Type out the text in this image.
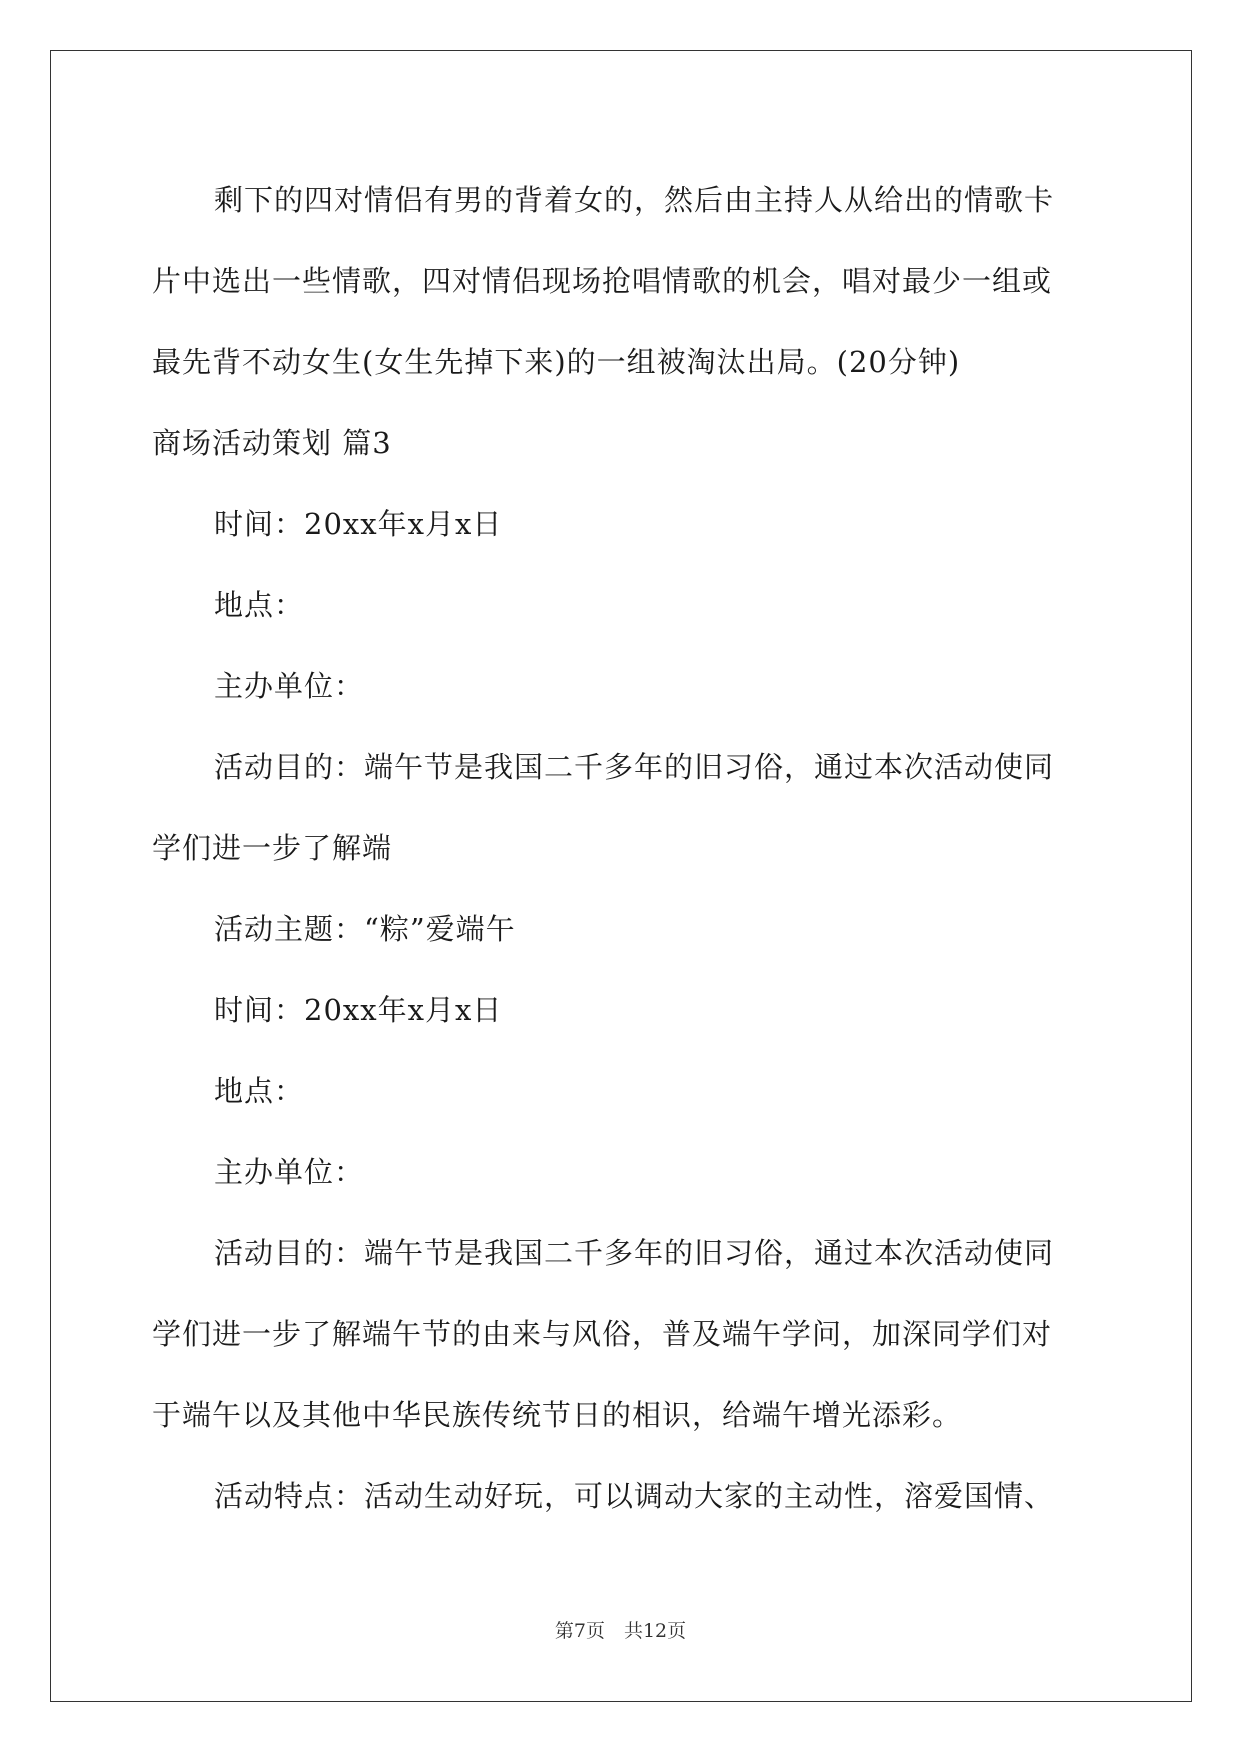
剩下的四对情侣有男的背着女的，然后由主持人从给出的情歌卡
片中选出一些情歌，四对情侣现场抢唱情歌的机会，唱对最少一组或
最先背不动女生(女生先掉下来)的一组被淘汰出局。(20分钟)
商场活动策划 篇3
时间：20xx年x月x日
地点：
主办单位：
活动目的：端午节是我国二千多年的旧习俗，通过本次活动使同
学们进一步了解端
活动主题：“粽”爱端午
时间：20xx年x月x日
地点：
主办单位：
活动目的：端午节是我国二千多年的旧习俗，通过本次活动使同
学们进一步了解端午节的由来与风俗，普及端午学问，加深同学们对
于端午以及其他中华民族传统节日的相识，给端午增光添彩。
活动特点：活动生动好玩，可以调动大家的主动性，溶爱国情、
第7页　共12页
